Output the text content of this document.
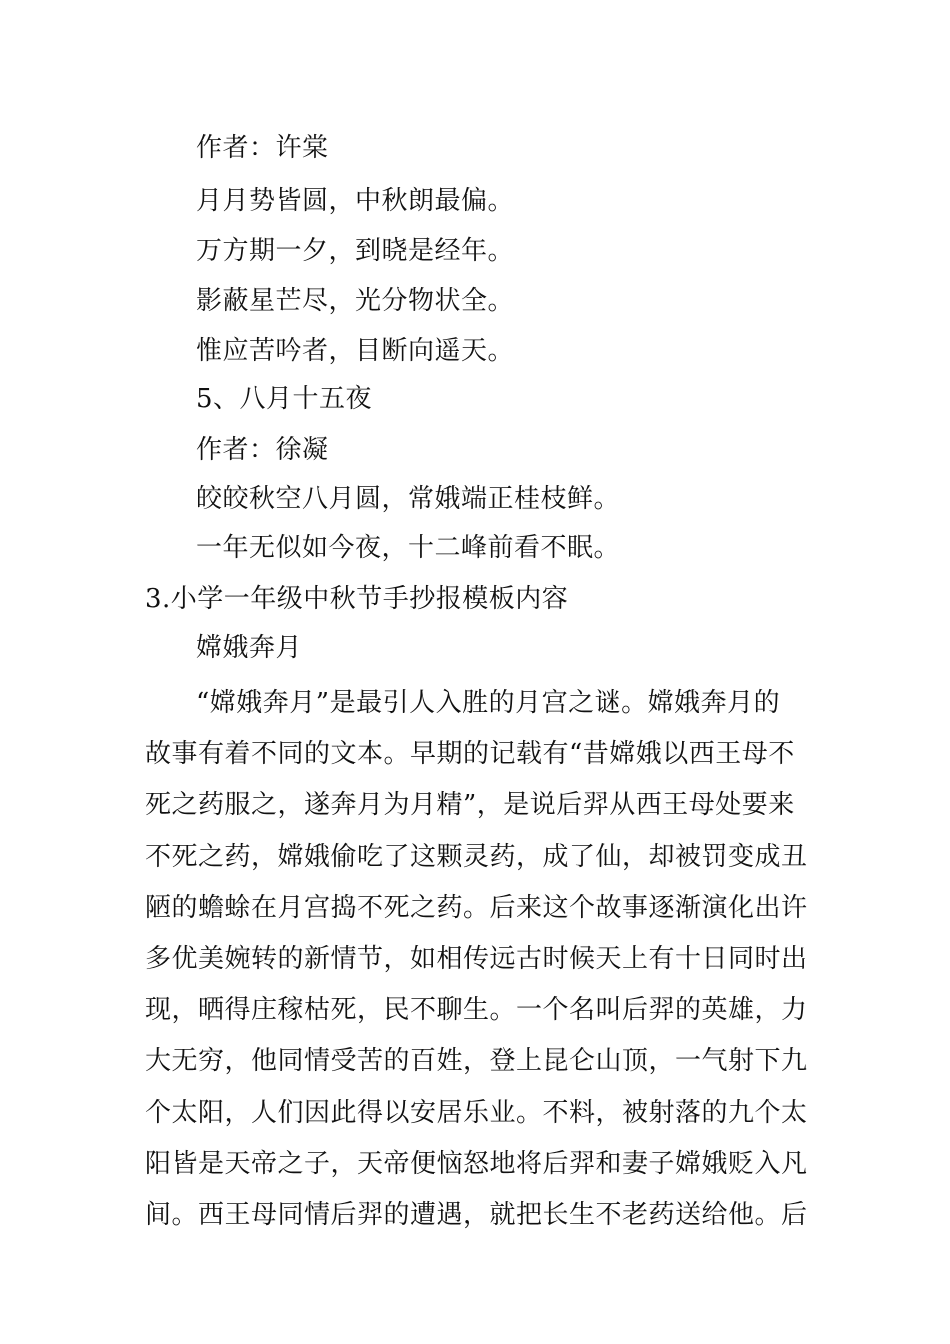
作者：许棠
月月势皆圆，中秋朗最偏。
万方期一夕，到晓是经年。
影蔽星芒尽，光分物状全。
惟应苦吟者，目断向遥天。
5、八月十五夜
作者：徐凝
皎皎秋空八月圆，常娥端正桂枝鲜。
一年无似如今夜，十二峰前看不眠。
3.小学一年级中秋节手抄报模板内容
嫦娥奔月
“嫦娥奔月”是最引人入胜的月宫之谜。嫦娥奔月的
故事有着不同的文本。早期的记载有“昔嫦娥以西王母不
死之药服之，遂奔月为月精”，是说后羿从西王母处要来
不死之药，嫦娥偷吃了这颗灵药，成了仙，却被罚变成丑
陋的蟾蜍在月宫捣不死之药。后来这个故事逐渐演化出许
多优美婉转的新情节，如相传远古时候天上有十日同时出
现，晒得庄稼枯死，民不聊生。一个名叫后羿的英雄，力
大无穷，他同情受苦的百姓，登上昆仑山顶，一气射下九
个太阳，人们因此得以安居乐业。不料，被射落的九个太
阳皆是天帝之子，天帝便恼怒地将后羿和妻子嫦娥贬入凡
间。西王母同情后羿的遭遇，就把长生不老药送给他。后
